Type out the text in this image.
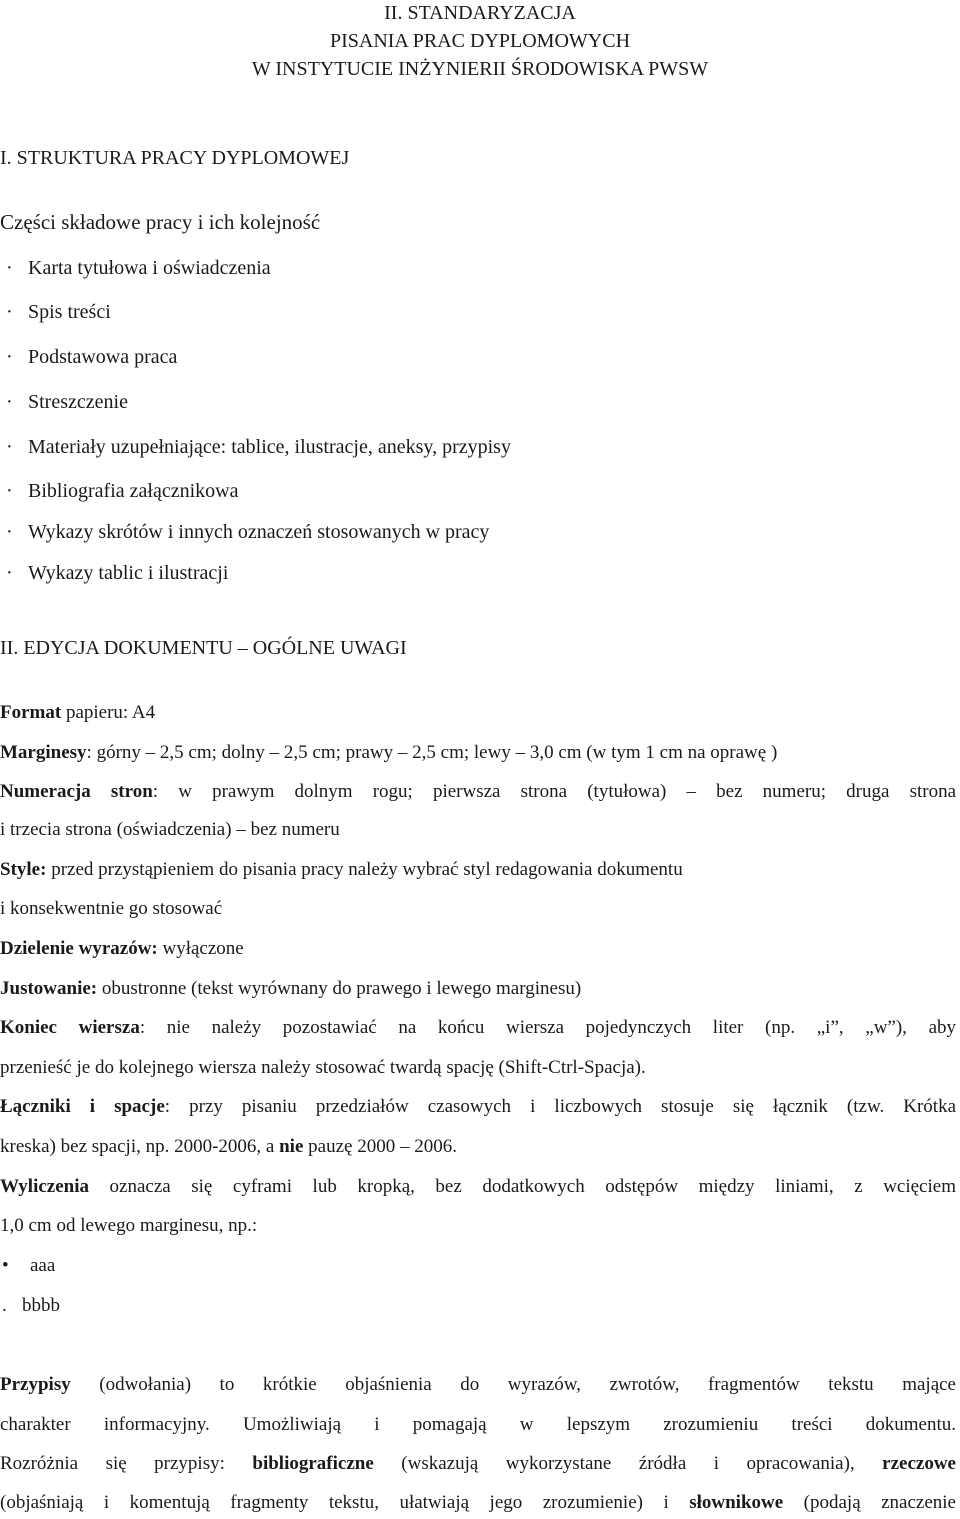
II. STANDARYZACJA
PISANIA PRAC DYPLOMOWYCH
W INSTYTUCIE INŻYNIERII ŚRODOWISKA PWSW
I. STRUKTURA PRACY DYPLOMOWEJ
Części składowe pracy i ich kolejność
· Karta tytułowa i oświadczenia
· Spis treści
· Podstawowa praca
· Streszczenie
· Materiały uzupełniające: tablice, ilustracje, aneksy, przypisy
· Bibliografia załącznikowa
· Wykazy skrótów i innych oznaczeń stosowanych w pracy
· Wykazy tablic i ilustracji
II. EDYCJA DOKUMENTU – OGÓLNE UWAGI
Format papieru: A4
Marginesy: górny – 2,5 cm; dolny – 2,5 cm; prawy – 2,5 cm; lewy – 3,0 cm (w tym 1 cm na oprawę )
Numeracja stron: w prawym dolnym rogu; pierwsza strona (tytułowa) – bez numeru; druga strona
i trzecia strona (oświadczenia) – bez numeru
Style: przed przystąpieniem do pisania pracy należy wybrać styl redagowania dokumentu
i konsekwentnie go stosować
Dzielenie wyrazów: wyłączone
Justowanie: obustronne (tekst wyrównany do prawego i lewego marginesu)
Koniec wiersza: nie należy pozostawiać na końcu wiersza pojedynczych liter (np. „i”, „w”), aby
przenieść je do kolejnego wiersza należy stosować twardą spację (Shift-Ctrl-Spacja).
Łączniki i spacje: przy pisaniu przedziałów czasowych i liczbowych stosuje się łącznik (tzw. Krótka
kreska) bez spacji, np. 2000-2006, a nie pauzę 2000 – 2006.
Wyliczenia oznacza się cyframi lub kropką, bez dodatkowych odstępów między liniami, z wcięciem
1,0 cm od lewego marginesu, np.:
• aaa
. bbbb
Przypisy (odwołania) to krótkie objaśnienia do wyrazów, zwrotów, fragmentów tekstu mające
charakter informacyjny. Umożliwiają i pomagają w lepszym zrozumieniu treści dokumentu.
Rozróżnia się przypisy: bibliograficzne (wskazują wykorzystane źródła i opracowania), rzeczowe
(objaśniają i komentują fragmenty tekstu, ułatwiają jego zrozumienie) i słownikowe (podają znaczenie
